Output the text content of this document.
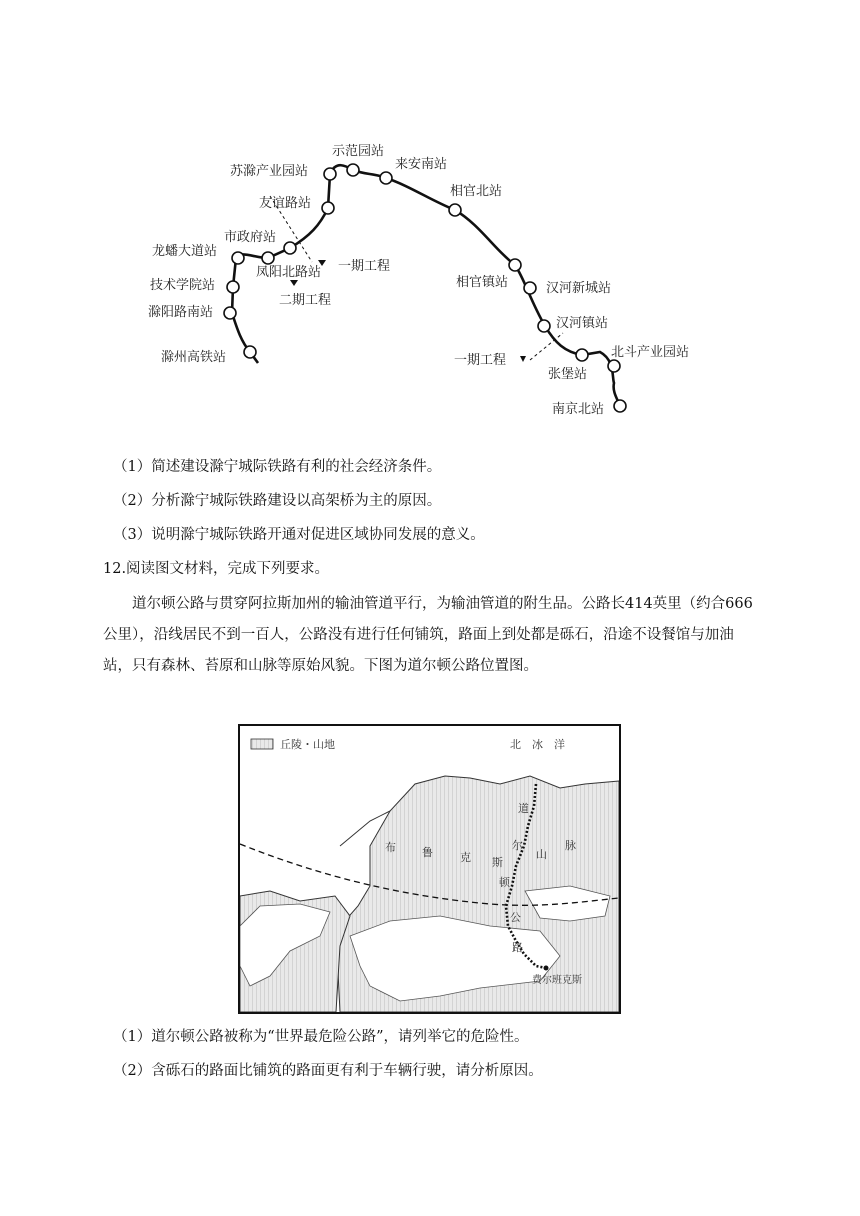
示范园站
来安南站
苏滁产业园站
相官北站
友谊路站
市政府站
龙蟠大道站
凤阳北路站
技术学院站
滁阳路南站
滁州高铁站
相官镇站	汉河新城站
汉河镇站
北斗产业园站
张堡站
南京北站
一期工程
二期工程
一期工程
（1）简述建设滁宁城际铁路有利的社会经济条件。
（2）分析滁宁城际铁路建设以高架桥为主的原因。
（3）说明滁宁城际铁路开通对促进区域协同发展的意义。
12.阅读图文材料，完成下列要求。
道尔顿公路与贯穿阿拉斯加州的输油管道平行，为输油管道的附生品。公路长414英里（约合666公里），沿线居民不到一百人，公路没有进行任何铺筑，路面上到处都是砾石，沿途不设餐馆与加油站，只有森林、苔原和山脉等原始风貌。下图为道尔顿公路位置图。
丘陵・山地	北　冰　洋
布 鲁 克 斯
脉
山
道
尔
顿
公
路
费尔班克斯
（1）道尔顿公路被称为“世界最危险公路”，请列举它的危险性。
（2）含砾石的路面比铺筑的路面更有利于车辆行驶，请分析原因。
